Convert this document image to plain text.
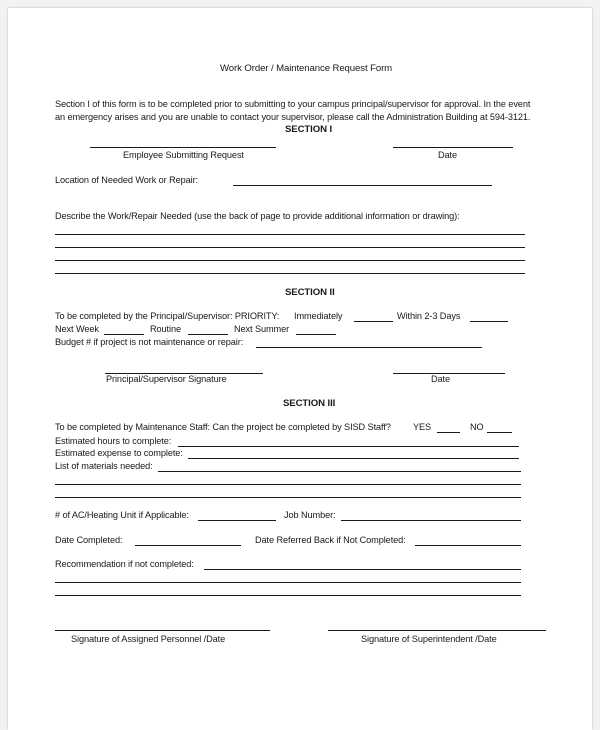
Work Order / Maintenance Request Form
Section I of this form is to be completed prior to submitting to your campus principal/supervisor for approval. In the event
an emergency arises and you are unable to contact your supervisor, please call the Administration Building at 594-3121.
SECTION I
Employee Submitting Request	Date
Location of Needed Work or Repair:
Describe the Work/Repair Needed (use the back of page to provide additional information or drawing):
SECTION II
To be completed by the Principal/Supervisor: PRIORITY: Immediately	Within 2-3 Days
Next Week	Routine	Next Summer
Budget # if project is not maintenance or repair:
Principal/Supervisor Signature	Date
SECTION III
To be completed by Maintenance Staff: Can the project be completed by SISD Staff? YES	NO
Estimated hours to complete:
Estimated expense to complete:
List of materials needed:
# of AC/Heating Unit if Applicable:	Job Number:
Date Completed:	Date Referred Back if Not Completed:
Recommendation if not completed:
Signature of Assigned Personnel /Date	Signature of Superintendent /Date
